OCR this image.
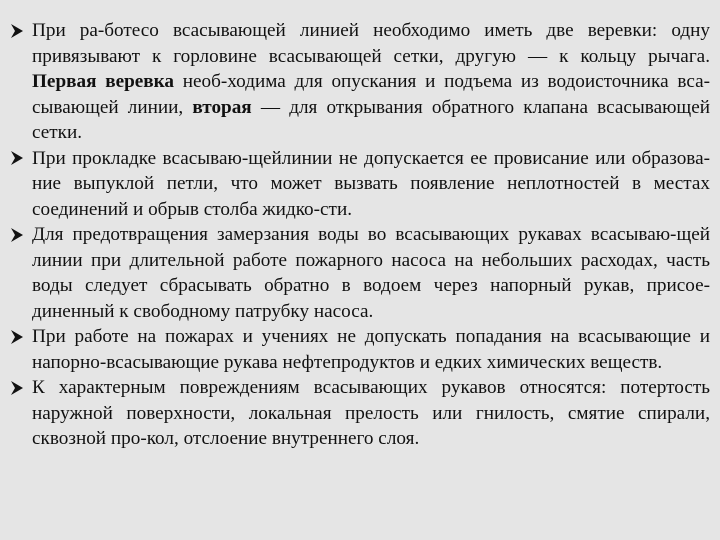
При ра-ботесо всасывающей линией необходимо иметь две веревки: одну привязывают к горловине всасывающей сетки, другую — к кольцу рычага. Первая веревка необ-ходима для опускания и подъема из водоисточника вса-сывающей линии, вторая — для открывания обратного клапана всасывающей сетки.
При прокладке всасываю-щейлинии не допускается ее провисание или образова-ние выпуклой петли, что может вызвать появление неплотностей в местах соединений и обрыв столба жидко-сти.
Для предотвращения замерзания воды во всасывающих рукавах всасываю-щей линии при длительной работе пожарного насоса на небольших расходах, часть воды следует сбрасывать обратно в водоем через напорный рукав, присое-диненный к свободному патрубку насоса.
При работе на пожарах и учениях не допускать попадания на всасывающие и напорно-всасывающие рукава нефтепродуктов и едких химических веществ.
К характерным повреждениям всасывающих рукавов относятся: потертость наружной поверхности, локальная прелость или гнилость, смятие спирали, сквозной про-кол, отслоение внутреннего слоя.
